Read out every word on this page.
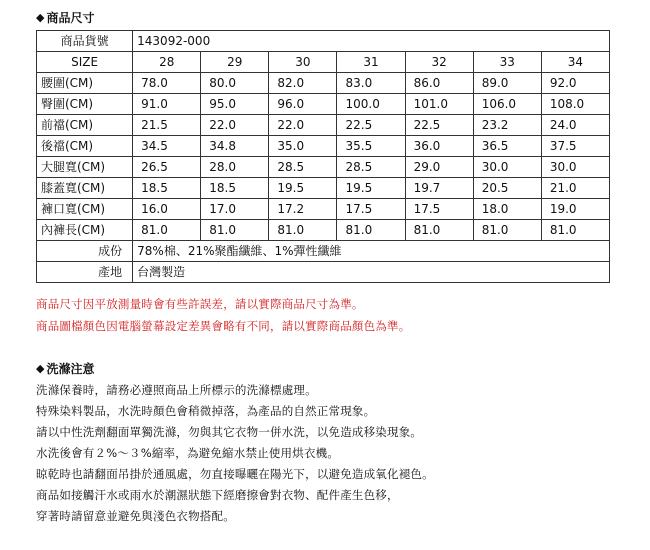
◆ 商品尺寸
商品貨號	143092-000						
SIZE	28	29	30	31	32	33	34
腰圍(CM)	78.0	80.0	82.0	83.0	86.0	89.0	92.0
臀圍(CM)	91.0	95.0	96.0	100.0	101.0	106.0	108.0
前襠(CM)	21.5	22.0	22.0	22.5	22.5	23.2	24.0
後襠(CM)	34.5	34.8	35.0	35.5	36.0	36.5	37.5
大腿寬(CM)	26.5	28.0	28.5	28.5	29.0	30.0	30.0
膝蓋寬(CM)	18.5	18.5	19.5	19.5	19.7	20.5	21.0
褲口寬(CM)	16.0	17.0	17.2	17.5	17.5	18.0	19.0
內褲長(CM)	81.0	81.0	81.0	81.0	81.0	81.0	81.0
成份	78%棉、21%聚酯纖維、1%彈性纖維						
產地	台灣製造						
商品尺寸因平放測量時會有些許誤差，請以實際商品尺寸為準。
商品圖檔顏色因電腦螢幕設定差異會略有不同，請以實際商品顏色為準。
◆ 洗滌注意
洗滌保養時，請務必遵照商品上所標示的洗滌標處理。
特殊染料製品，水洗時顏色會稍微掉落，為產品的自然正常現象。
請以中性洗劑翻面單獨洗滌，勿與其它衣物一併水洗，以免造成移染現象。
水洗後會有２%～３%縮率，為避免縮水禁止使用烘衣機。
晾乾時也請翻面吊掛於通風處，勿直接曝曬在陽光下，以避免造成氧化褪色。
商品如接觸汗水或雨水於潮濕狀態下經磨擦會對衣物、配件產生色移，
穿著時請留意並避免與淺色衣物搭配。
